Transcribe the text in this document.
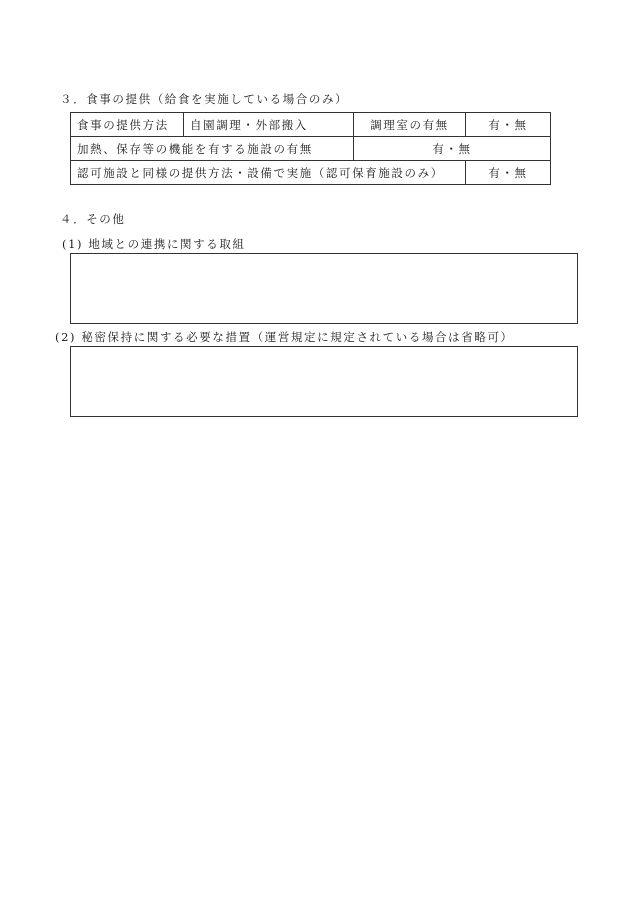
３．食事の提供（給食を実施している場合のみ）
食事の提供方法	自園調理・外部搬入	調理室の有無	有・無
加熱、保存等の機能を有する施設の有無		有・無	
認可施設と同様の提供方法・設備で実施（認可保育施設のみ）			有・無
４．その他
(1) 地域との連携に関する取組
(2) 秘密保持に関する必要な措置（運営規定に規定されている場合は省略可）
